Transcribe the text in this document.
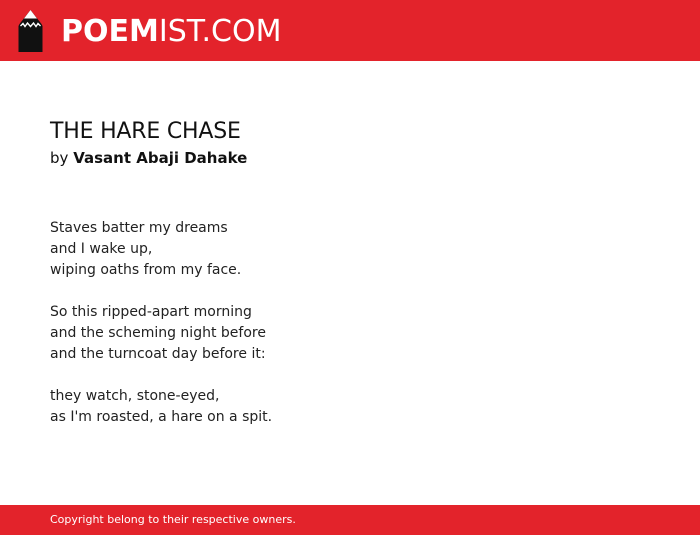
POEMIST.COM
THE HARE CHASE
by Vasant Abaji Dahake
Staves batter my dreams
and I wake up,
wiping oaths from my face.
So this ripped-apart morning
and the scheming night before
and the turncoat day before it:
they watch, stone-eyed,
as I'm roasted, a hare on a spit.
Copyright belong to their respective owners.
